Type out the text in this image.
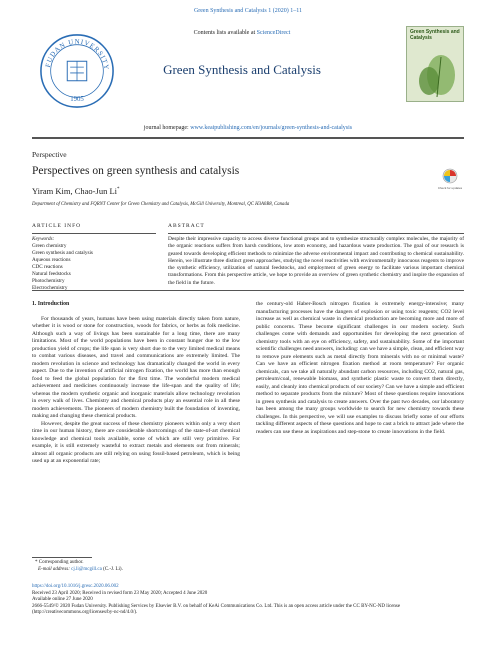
Green Synthesis and Catalysis 1 (2020) 1–11
FUDAN UNIVERSITY
1905
Contents lists available at ScienceDirect
Green Synthesis and Catalysis
Green Synthesis and Catalysis
journal homepage: www.keaipublishing.com/en/journals/green-synthesis-and-catalysis
Perspective
Perspectives on green synthesis and catalysis
Check for updates
Yiram Kim, Chao-Jun Li*
Department of Chemistry and FQRNT Center for Green Chemistry and Catalysis, McGill University, Montreal, QC H3A0B8, Canada
ARTICLE INFO	ABSTRACT
Keywords:
Green chemistry
Green synthesis and catalysis
Aqueous reactions
CDC reactions
Natural feedstocks
Photochemistry
Electrochemistry
Despite their impressive capacity to access diverse functional groups and to synthesize structurally complex molecules, the majority of the organic reactions suffers from harsh conditions, low atom economy, and hazardous waste production. The goal of our research is geared towards developing efficient methods to minimize the adverse environmental impact and contributing to chemical sustainability. Herein, we illustrate three distinct green approaches, studying the novel reactivities with environmentally innocuous reagents to improve the synthetic efficiency, utilization of natural feedstocks, and employment of green energy to facilitate various important chemical transformations. From this perspective article, we hope to provide an overview of green synthetic chemistry and inspire the expansion of the field in the future.
1. Introduction

For thousands of years, humans have been using materials directly taken from nature, whether it is wood or stone for construction, woods for fabrics, or herbs as folk medicine. Although such a way of livings has been sustainable for a long time, there are many limitations. Most of the world populations have been in constant hunger due to the low production yield of crops; the life span is very short due to the very limited medical means to combat various diseases, and travel and communications are extremely limited. The modern revolution in science and technology has dramatically changed the world in every aspect. Due to the invention of artificial nitrogen fixation, the world has more than enough food to feed the global population for the first time. The wonderful modern medical achievement and medicines continuously increase the life-span and the quality of life; whereas the modern synthetic organic and inorganic materials allow technology revolution in every walk of lives. Chemistry and chemical products play an essential role in all these modern achievements. The pioneers of modern chemistry built the foundation of inventing, making and changing these chemical products.

However, despite the great success of these chemistry pioneers within only a very short time in our human history, there are considerable shortcomings of the state-of-art chemical knowledge and chemical tools available, some of which are still very primitive. For example, it is still extremely wasteful to extract metals and elements out from minerals; almost all organic products are still relying on using fossil-based petroleum, which is being used up at an exponential rate;

the century-old Haber-Bosch nitrogen fixation is extremely energy-intensive; many manufacturing processes have the dangers of explosion or using toxic reagents; CO2 level increase as well as chemical waste in chemical production are becoming more and more of public concerns. These become significant challenges in our modern society. Such challenges come with demands and opportunities for developing the next generation of chemistry tools with an eye on efficiency, safety, and sustainability. Some of the important scientific challenges need answers, including: can we have a simple, clean, and efficient way to remove pure elements such as metal directly from minerals with no or minimal waste? Can we have an efficient nitrogen fixation method at room temperature? For organic chemicals, can we take all naturally abundant carbon resources, including CO2, natural gas, petroleum/coal, renewable biomass, and synthetic plastic waste to convert them directly, easily, and cleanly into chemical products of our society? Can we have a simple and efficient method to separate products from the mixture? Most of these questions require innovations in green synthesis and catalysis to create answers. Over the past two decades, our laboratory has been among the many groups worldwide to search for new chemistry towards these challenges. In this perspective, we will use examples to discuss briefly some of our efforts tackling different aspects of these questions and hope to cast a brick to attract jade where the readers can use these as inspirations and step-stone to create innovations in the field.

* Corresponding author.
E-mail address: cj.li@mcgill.ca (C.-J. Li).
https://doi.org/10.1016/j.gresc.2020.06.002
Received 23 April 2020; Received in revised form 23 May 2020; Accepted 4 June 2020
Available online 27 June 2020
2666-5549/© 2020 Fudan University. Publishing Services by Elsevier B.V. on behalf of KeAi Communications Co. Ltd. This is an open access article under the CC BY-NC-ND license (http://creativecommons.org/licenses/by-nc-nd/4.0/).
